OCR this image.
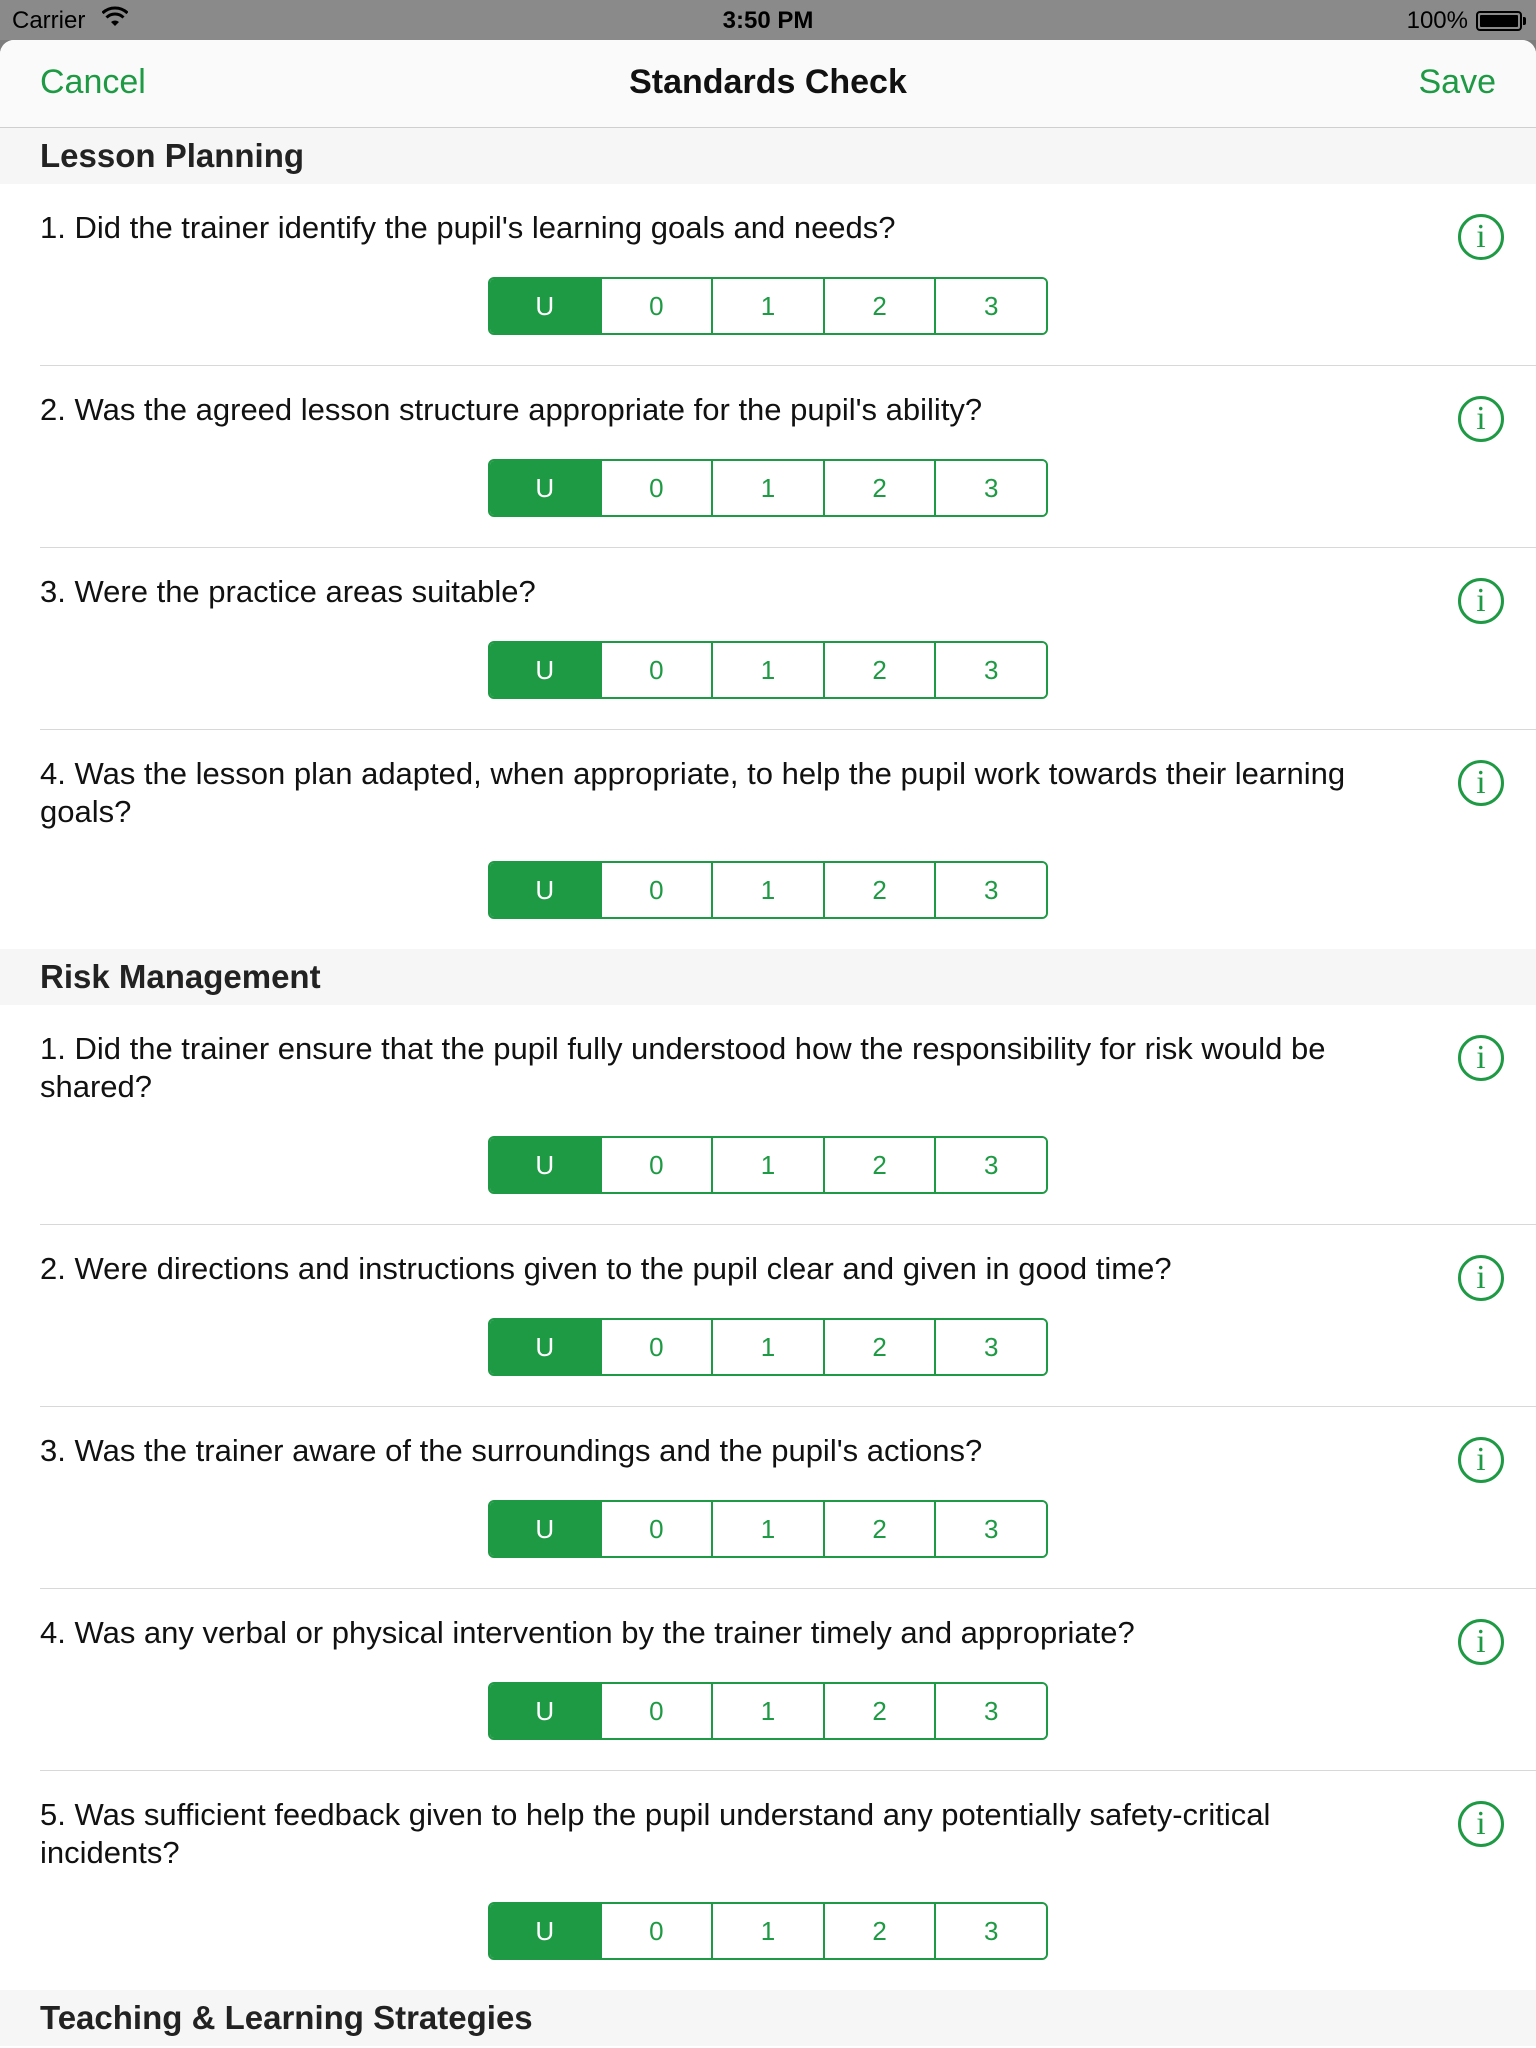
Carrier	3:50 PM	100%
Cancel	Standards Check	Save
Lesson Planning
1. Did the trainer identify the pupil's learning goals and needs?	i
U	0	1	2	3
2. Was the agreed lesson structure appropriate for the pupil's ability?	i
U	0	1	2	3
3. Were the practice areas suitable?	i
U	0	1	2	3
4. Was the lesson plan adapted, when appropriate, to help the pupil work towards their learning goals?
i
U	0	1	2	3
Risk Management
1. Did the trainer ensure that the pupil fully understood how the responsibility for risk would be shared?
i
U	0	1	2	3
2. Were directions and instructions given to the pupil clear and given in good time?	i
U	0	1	2	3
3. Was the trainer aware of the surroundings and the pupil's actions?	i
U	0	1	2	3
4. Was any verbal or physical intervention by the trainer timely and appropriate?	i
U	0	1	2	3
5. Was sufficient feedback given to help the pupil understand any potentially safety-critical incidents?
i
U	0	1	2	3
Teaching & Learning Strategies
